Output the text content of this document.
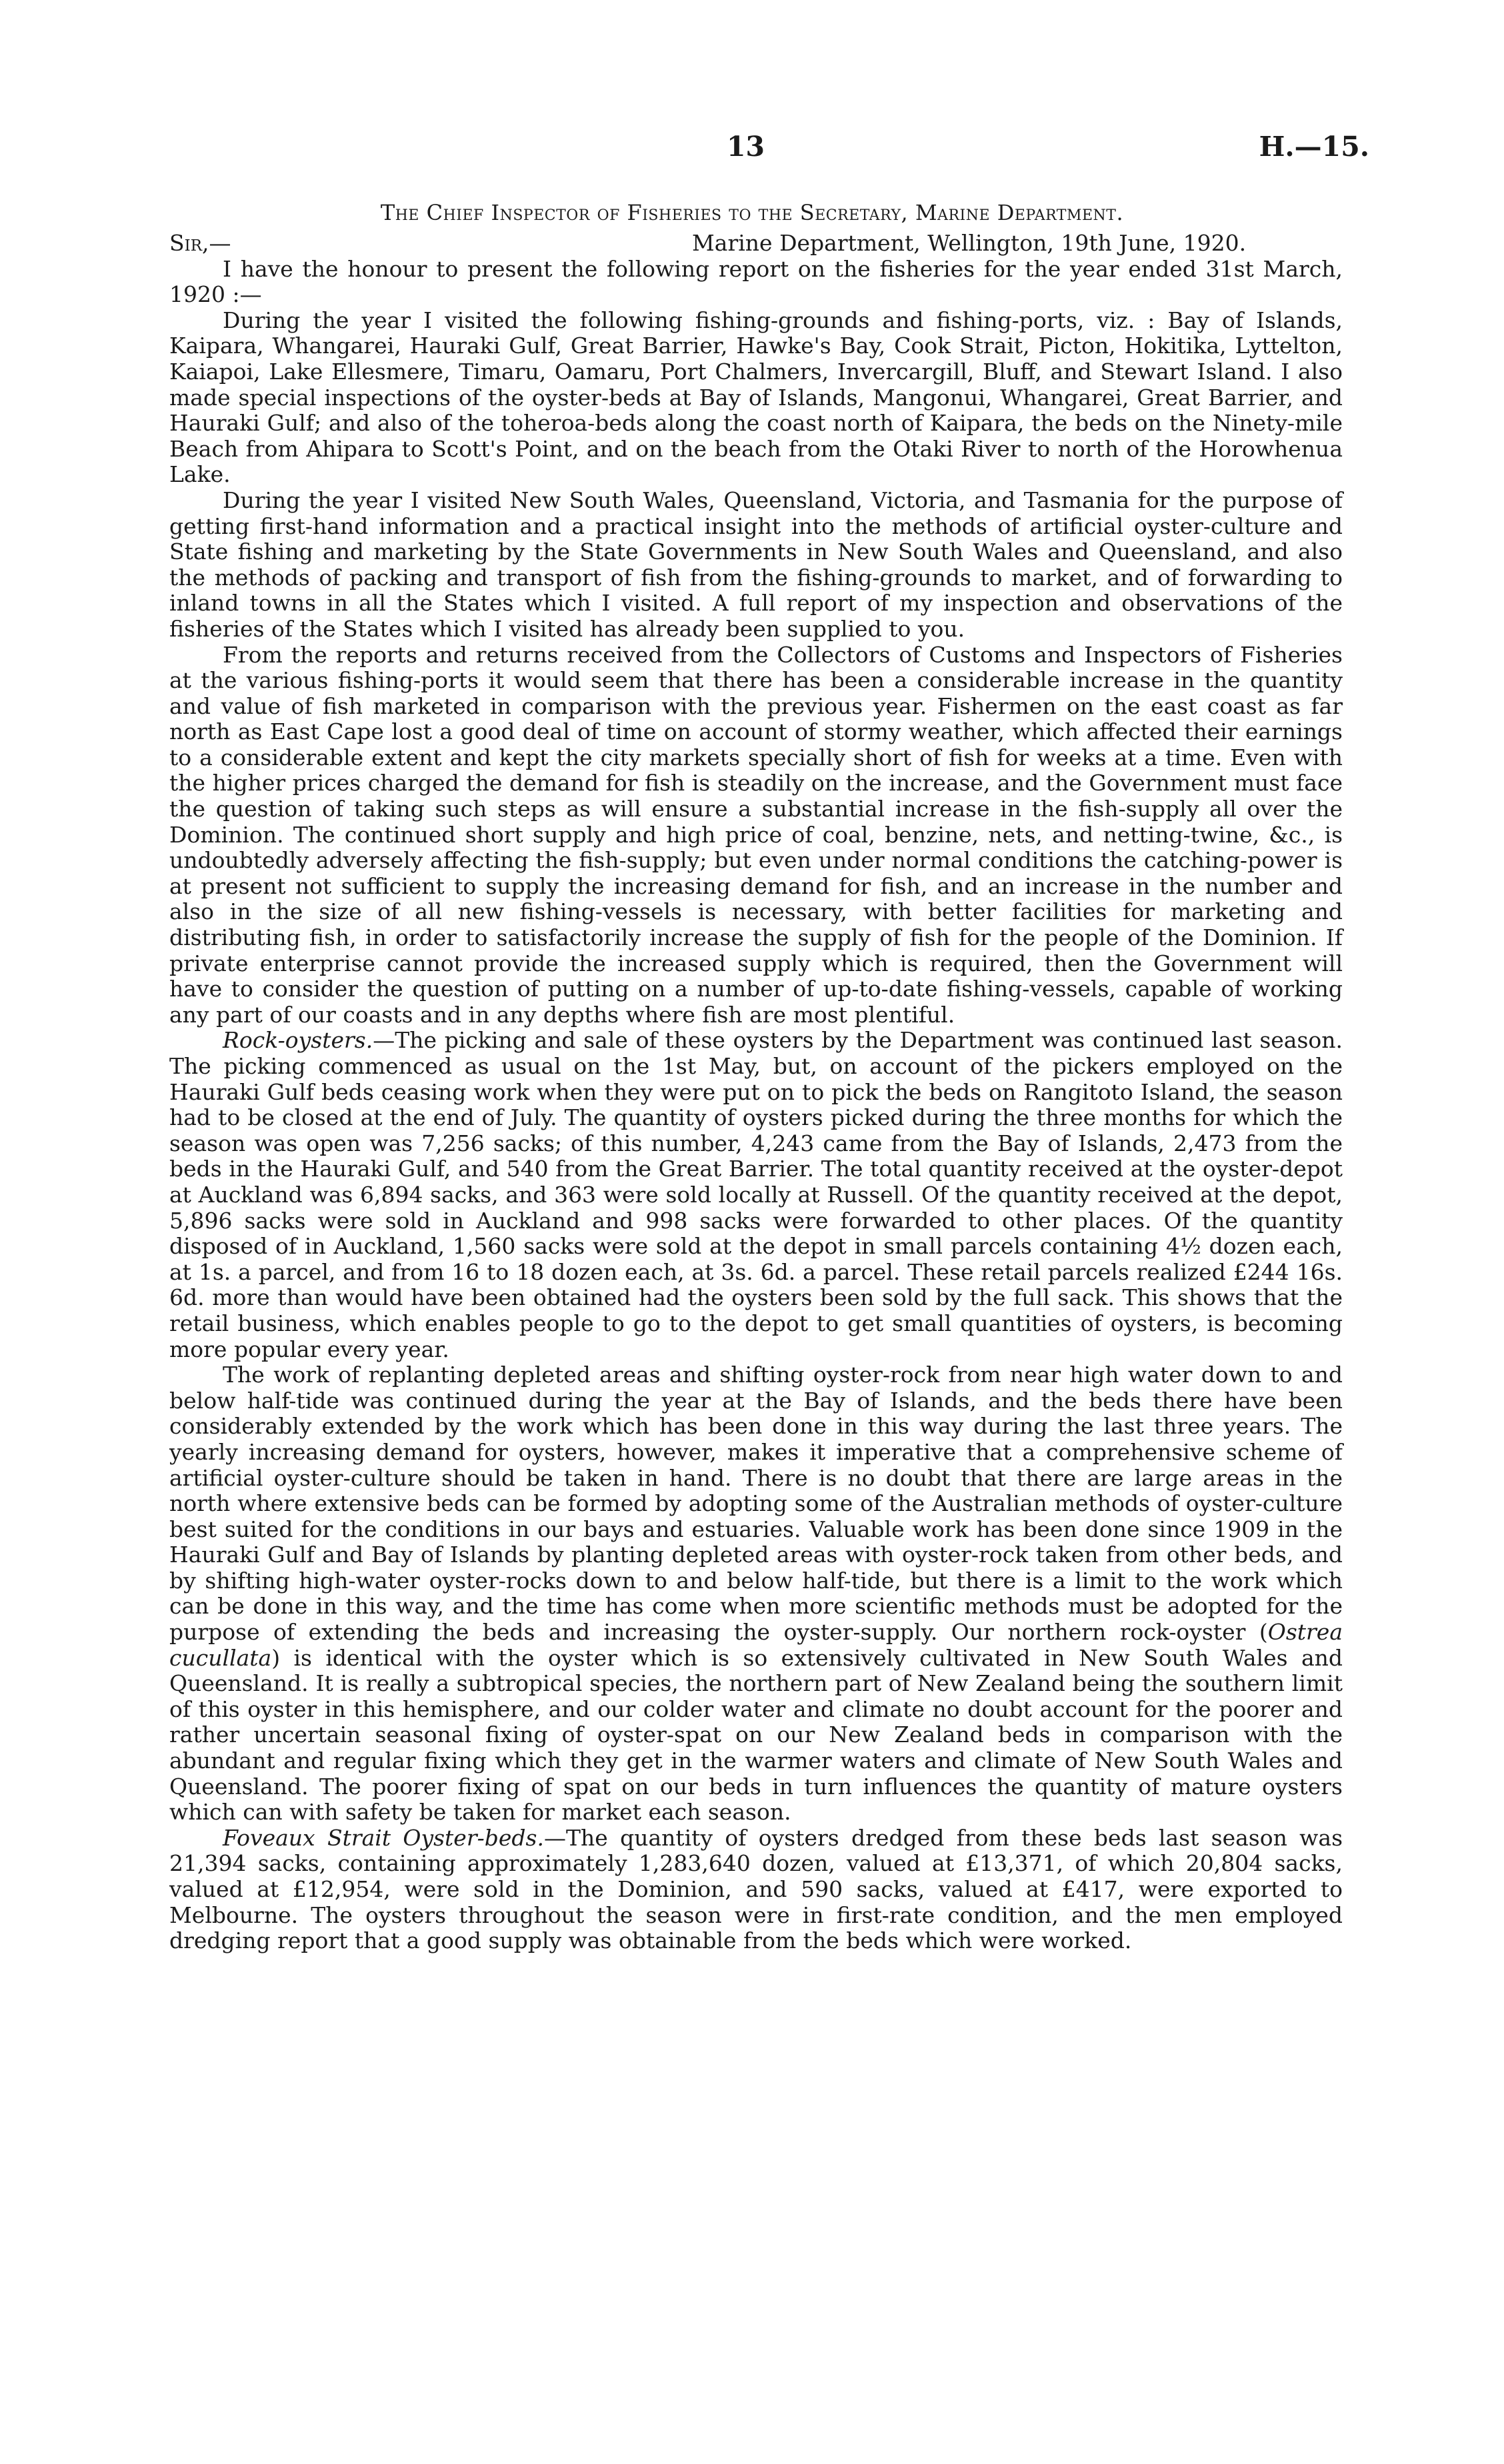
13	H.—15.
The Chief Inspector of Fisheries to the Secretary, Marine Department.
Sir,—	Marine Department, Wellington, 19th June, 1920.

I have the honour to present the following report on the fisheries for the year ended 31st March, 1920 :—

During the year I visited the following fishing-grounds and fishing-ports, viz. : Bay of Islands, Kaipara, Whangarei, Hauraki Gulf, Great Barrier, Hawke's Bay, Cook Strait, Picton, Hokitika, Lyttelton, Kaiapoi, Lake Ellesmere, Timaru, Oamaru, Port Chalmers, Invercargill, Bluff, and Stewart Island. I also made special inspections of the oyster-beds at Bay of Islands, Mangonui, Whangarei, Great Barrier, and Hauraki Gulf; and also of the toheroa-beds along the coast north of Kaipara, the beds on the Ninety-mile Beach from Ahipara to Scott's Point, and on the beach from the Otaki River to north of the Horowhenua Lake.

During the year I visited New South Wales, Queensland, Victoria, and Tasmania for the purpose of getting first-hand information and a practical insight into the methods of artificial oyster-culture and State fishing and marketing by the State Governments in New South Wales and Queensland, and also the methods of packing and transport of fish from the fishing-grounds to market, and of forwarding to inland towns in all the States which I visited. A full report of my inspection and observations of the fisheries of the States which I visited has already been supplied to you.

From the reports and returns received from the Collectors of Customs and Inspectors of Fisheries at the various fishing-ports it would seem that there has been a considerable increase in the quantity and value of fish marketed in comparison with the previous year. Fishermen on the east coast as far north as East Cape lost a good deal of time on account of stormy weather, which affected their earnings to a considerable extent and kept the city markets specially short of fish for weeks at a time. Even with the higher prices charged the demand for fish is steadily on the increase, and the Government must face the question of taking such steps as will ensure a substantial increase in the fish-supply all over the Dominion. The continued short supply and high price of coal, benzine, nets, and netting-twine, &c., is undoubtedly adversely affecting the fish-supply; but even under normal conditions the catching-power is at present not sufficient to supply the increasing demand for fish, and an increase in the number and also in the size of all new fishing-vessels is necessary, with better facilities for marketing and distributing fish, in order to satisfactorily increase the supply of fish for the people of the Dominion. If private enterprise cannot provide the increased supply which is required, then the Government will have to consider the question of putting on a number of up-to-date fishing-vessels, capable of working any part of our coasts and in any depths where fish are most plentiful.

Rock-oysters.—The picking and sale of these oysters by the Department was continued last season. The picking commenced as usual on the 1st May, but, on account of the pickers employed on the Hauraki Gulf beds ceasing work when they were put on to pick the beds on Rangitoto Island, the season had to be closed at the end of July. The quantity of oysters picked during the three months for which the season was open was 7,256 sacks; of this number, 4,243 came from the Bay of Islands, 2,473 from the beds in the Hauraki Gulf, and 540 from the Great Barrier. The total quantity received at the oyster-depot at Auckland was 6,894 sacks, and 363 were sold locally at Russell. Of the quantity received at the depot, 5,896 sacks were sold in Auckland and 998 sacks were forwarded to other places. Of the quantity disposed of in Auckland, 1,560 sacks were sold at the depot in small parcels containing 4½ dozen each, at 1s. a parcel, and from 16 to 18 dozen each, at 3s. 6d. a parcel. These retail parcels realized £244 16s. 6d. more than would have been obtained had the oysters been sold by the full sack. This shows that the retail business, which enables people to go to the depot to get small quantities of oysters, is becoming more popular every year.

The work of replanting depleted areas and shifting oyster-rock from near high water down to and below half-tide was continued during the year at the Bay of Islands, and the beds there have been considerably extended by the work which has been done in this way during the last three years. The yearly increasing demand for oysters, however, makes it imperative that a comprehensive scheme of artificial oyster-culture should be taken in hand. There is no doubt that there are large areas in the north where extensive beds can be formed by adopting some of the Australian methods of oyster-culture best suited for the conditions in our bays and estuaries. Valuable work has been done since 1909 in the Hauraki Gulf and Bay of Islands by planting depleted areas with oyster-rock taken from other beds, and by shifting high-water oyster-rocks down to and below half-tide, but there is a limit to the work which can be done in this way, and the time has come when more scientific methods must be adopted for the purpose of extending the beds and increasing the oyster-supply. Our northern rock-oyster (Ostrea cucullata) is identical with the oyster which is so extensively cultivated in New South Wales and Queensland. It is really a subtropical species, the northern part of New Zealand being the southern limit of this oyster in this hemisphere, and our colder water and climate no doubt account for the poorer and rather uncertain seasonal fixing of oyster-spat on our New Zealand beds in comparison with the abundant and regular fixing which they get in the warmer waters and climate of New South Wales and Queensland. The poorer fixing of spat on our beds in turn influences the quantity of mature oysters which can with safety be taken for market each season.

Foveaux Strait Oyster-beds.—The quantity of oysters dredged from these beds last season was 21,394 sacks, containing approximately 1,283,640 dozen, valued at £13,371, of which 20,804 sacks, valued at £12,954, were sold in the Dominion, and 590 sacks, valued at £417, were exported to Melbourne. The oysters throughout the season were in first-rate condition, and the men employed dredging report that a good supply was obtainable from the beds which were worked.
